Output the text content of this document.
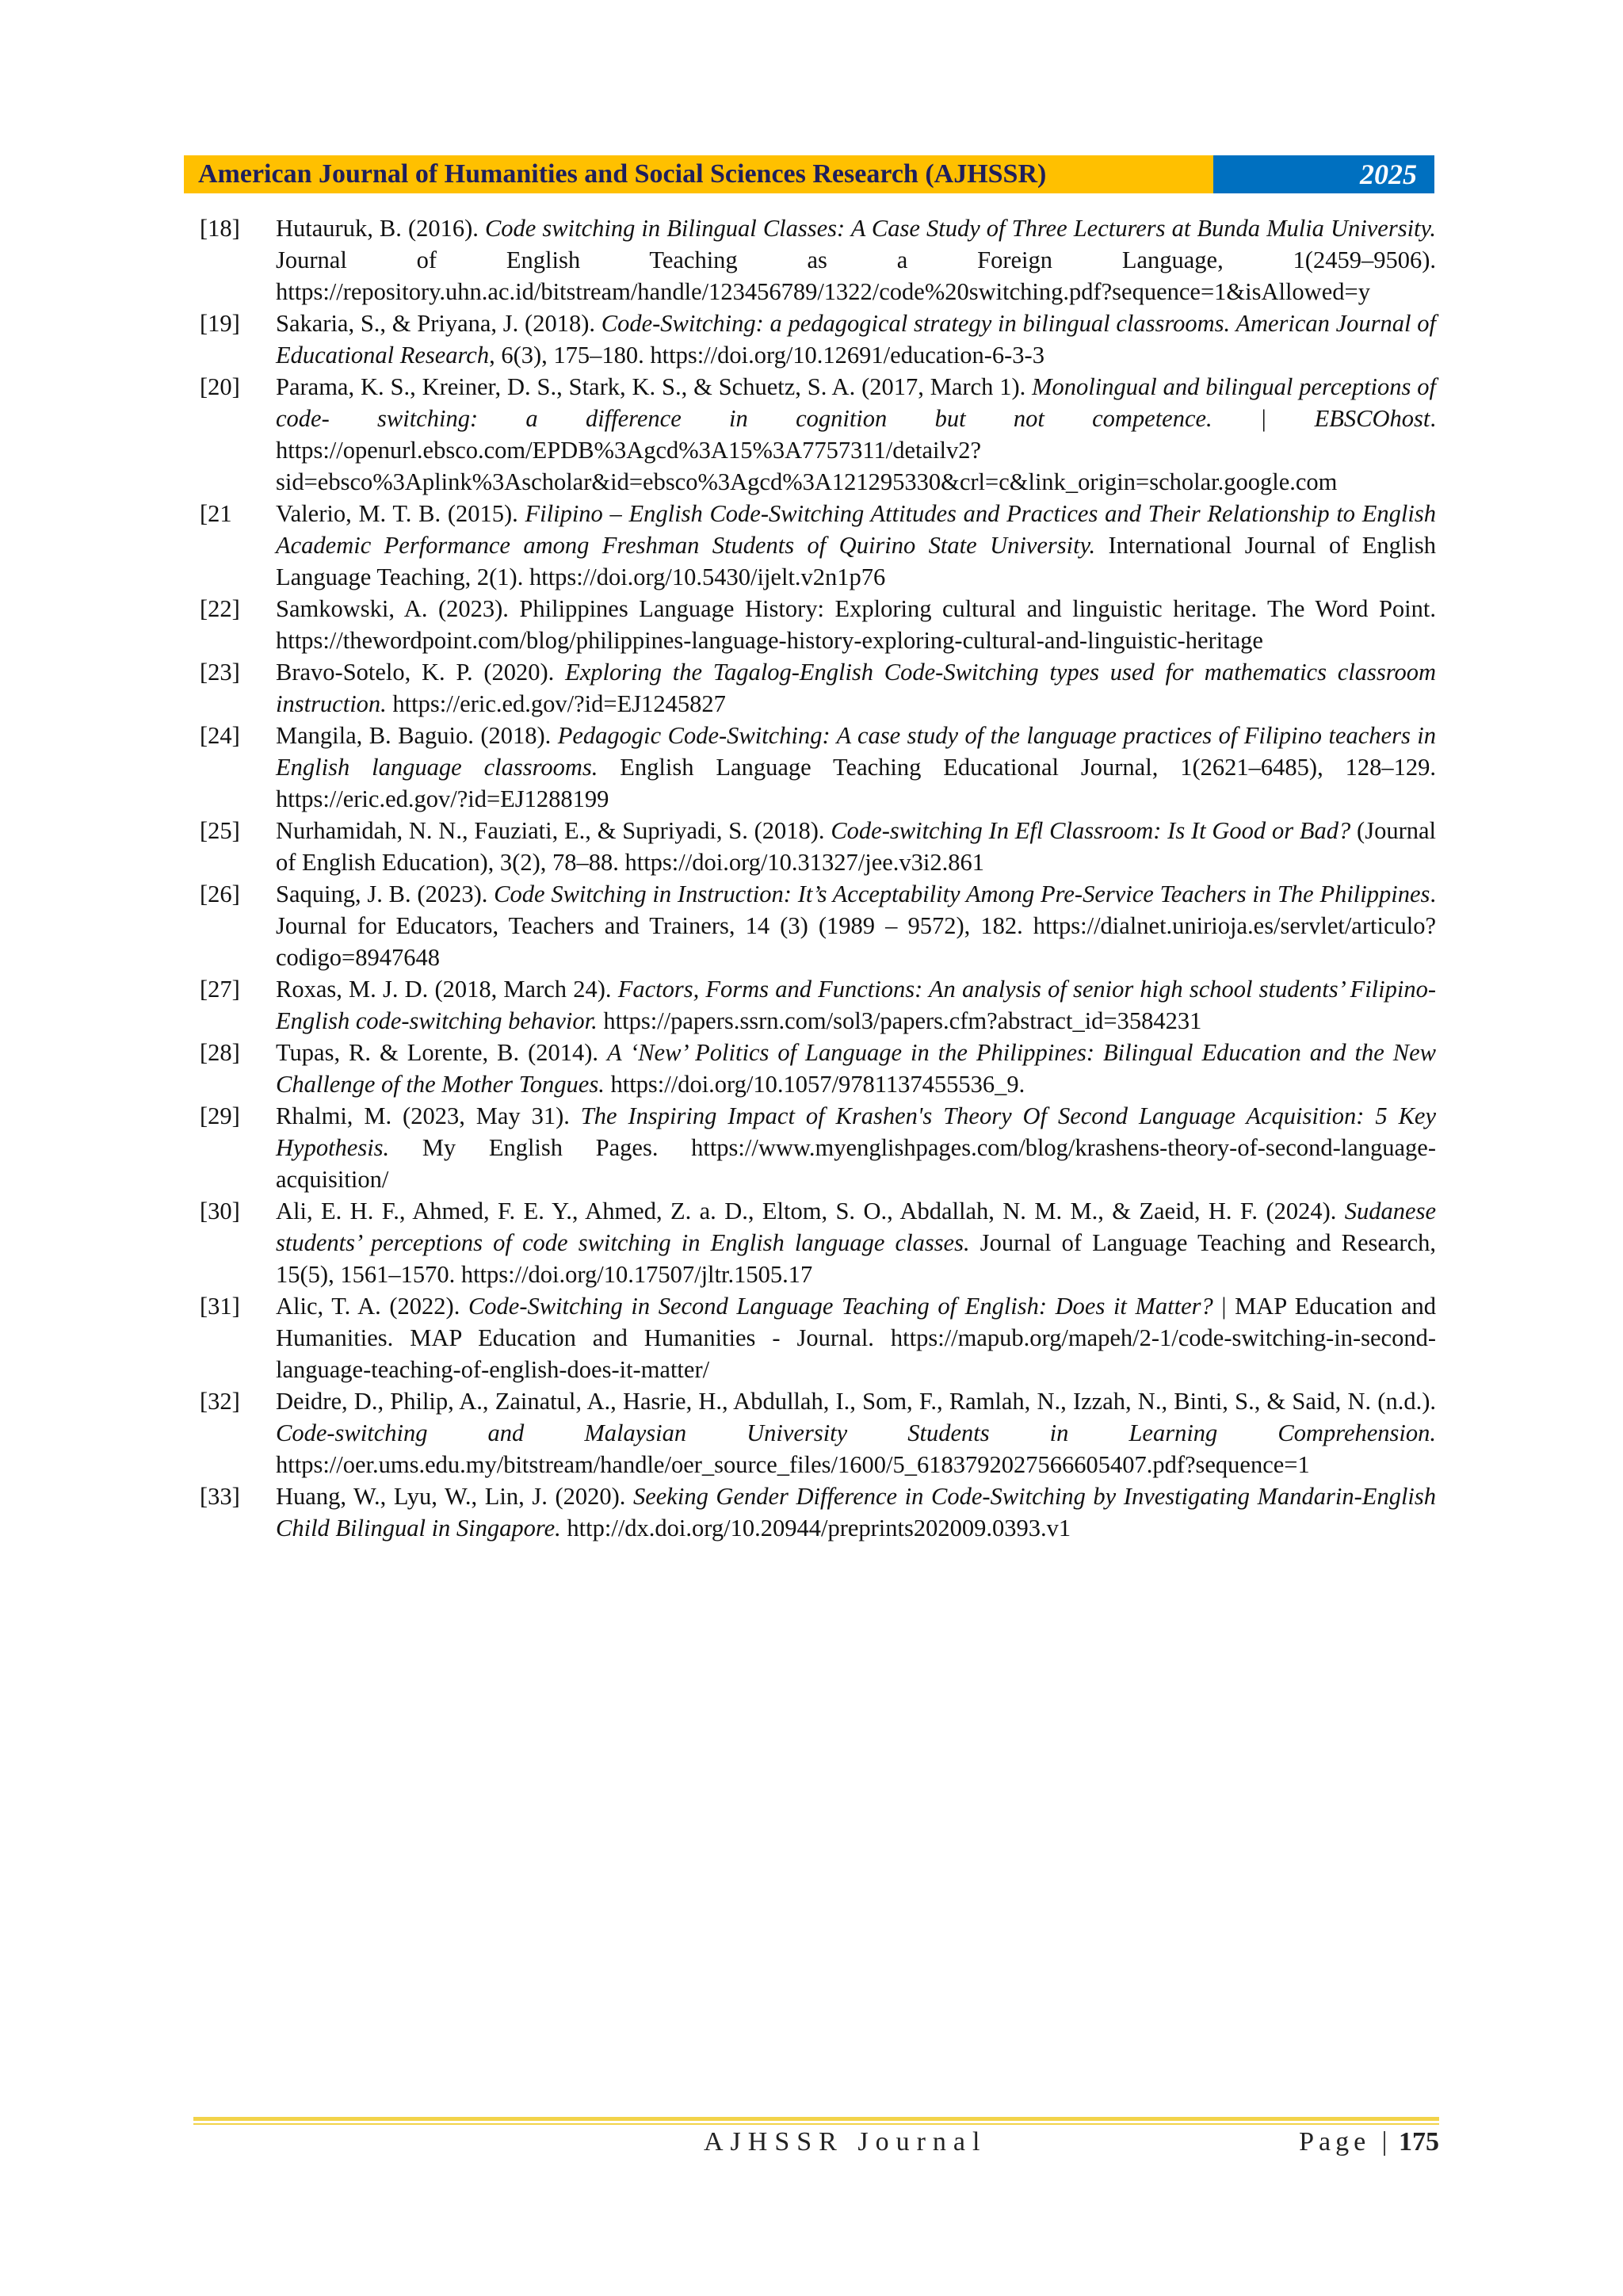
American Journal of Humanities and Social Sciences Research (AJHSSR)	2025
[18]	Hutauruk, B. (2016). Code switching in Bilingual Classes: A Case Study of Three Lecturers at Bunda Mulia University. Journal of English Teaching as a Foreign Language, 1(2459–9506). https://repository.uhn.ac.id/bitstream/handle/123456789/1322/code%20switching.pdf?sequence=1&isAllowed=y
[19]	Sakaria, S., & Priyana, J. (2018). Code-Switching: a pedagogical strategy in bilingual classrooms. American Journal of Educational Research, 6(3), 175–180. https://doi.org/10.12691/education-6-3-3
[20]	Parama, K. S., Kreiner, D. S., Stark, K. S., & Schuetz, S. A. (2017, March 1). Monolingual and bilingual perceptions of code- switching: a difference in cognition but not competence. | EBSCOhost. https://openurl.ebsco.com/EPDB%3Agcd%3A15%3A7757311/detailv2?sid=ebsco%3Aplink%3Ascholar&id=ebsco%3Agcd%3A121295330&crl=c&link_origin=scholar.google.com
[21	Valerio, M. T. B. (2015). Filipino – English Code-Switching Attitudes and Practices and Their Relationship to English Academic Performance among Freshman Students of Quirino State University. International Journal of English Language Teaching, 2(1). https://doi.org/10.5430/ijelt.v2n1p76
[22]	Samkowski, A. (2023). Philippines Language History: Exploring cultural and linguistic heritage. The Word Point. https://thewordpoint.com/blog/philippines-language-history-exploring-cultural-and-linguistic-heritage
[23]	Bravo-Sotelo, K. P. (2020). Exploring the Tagalog-English Code-Switching types used for mathematics classroom instruction. https://eric.ed.gov/?id=EJ1245827
[24]	Mangila, B. Baguio. (2018). Pedagogic Code-Switching: A case study of the language practices of Filipino teachers in English language classrooms. English Language Teaching Educational Journal, 1(2621–6485), 128–129. https://eric.ed.gov/?id=EJ1288199
[25]	Nurhamidah, N. N., Fauziati, E., & Supriyadi, S. (2018). Code-switching In Efl Classroom: Is It Good or Bad? (Journal of English Education), 3(2), 78–88. https://doi.org/10.31327/jee.v3i2.861
[26]	Saquing, J. B. (2023). Code Switching in Instruction: It’s Acceptability Among Pre-Service Teachers in The Philippines. Journal for Educators, Teachers and Trainers, 14 (3) (1989 – 9572), 182. https://dialnet.unirioja.es/servlet/articulo?codigo=8947648
[27]	Roxas, M. J. D. (2018, March 24). Factors, Forms and Functions: An analysis of senior high school students’ Filipino-English code-switching behavior. https://papers.ssrn.com/sol3/papers.cfm?abstract_id=3584231
[28]	Tupas, R. & Lorente, B. (2014). A ‘New’ Politics of Language in the Philippines: Bilingual Education and the New Challenge of the Mother Tongues. https://doi.org/10.1057/9781137455536_9.
[29]	Rhalmi, M. (2023, May 31). The Inspiring Impact of Krashen's Theory Of Second Language Acquisition: 5 Key Hypothesis. My English Pages. https://www.myenglishpages.com/blog/krashens-theory-of-second-language-acquisition/
[30]	Ali, E. H. F., Ahmed, F. E. Y., Ahmed, Z. a. D., Eltom, S. O., Abdallah, N. M. M., & Zaeid, H. F. (2024). Sudanese students’ perceptions of code switching in English language classes. Journal of Language Teaching and Research, 15(5), 1561–1570. https://doi.org/10.17507/jltr.1505.17
[31]	Alic, T. A. (2022). Code-Switching in Second Language Teaching of English: Does it Matter? | MAP Education and Humanities. MAP Education and Humanities - Journal. https://mapub.org/mapeh/2-1/code-switching-in-second-language-teaching-of-english-does-it-matter/
[32]	Deidre, D., Philip, A., Zainatul, A., Hasrie, H., Abdullah, I., Som, F., Ramlah, N., Izzah, N., Binti, S., & Said, N. (n.d.). Code-switching and Malaysian University Students in Learning Comprehension. https://oer.ums.edu.my/bitstream/handle/oer_source_files/1600/5_6183792027566605407.pdf?sequence=1
[33]	Huang, W., Lyu, W., Lin, J. (2020). Seeking Gender Difference in Code-Switching by Investigating Mandarin-English Child Bilingual in Singapore. http://dx.doi.org/10.20944/preprints202009.0393.v1
AJHSSR Journal	Page | 175
